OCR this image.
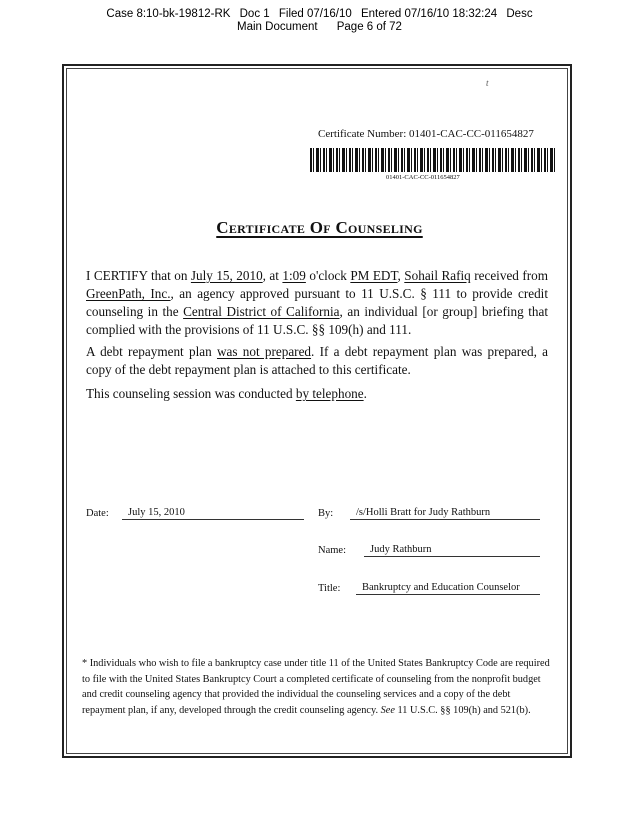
Case 8:10-bk-19812-RK Doc 1 Filed 07/16/10 Entered 07/16/10 18:32:24 Desc
Main Document Page 6 of 72
t
Certificate Number: 01401-CAC-CC-011654827
01401-CAC-CC-011654827
Certificate Of Counseling
I CERTIFY that on July 15, 2010, at 1:09 o'clock PM EDT, Sohail Rafiq received from GreenPath, Inc., an agency approved pursuant to 11 U.S.C. § 111 to provide credit counseling in the Central District of California, an individual [or group] briefing that complied with the provisions of 11 U.S.C. §§ 109(h) and 111.
A debt repayment plan was not prepared. If a debt repayment plan was prepared, a copy of the debt repayment plan is attached to this certificate.
This counseling session was conducted by telephone.
Date:	July 15, 2010	By:	/s/Holli Bratt for Judy Rathburn
Name:	Judy Rathburn
Title:	Bankruptcy and Education Counselor
* Individuals who wish to file a bankruptcy case under title 11 of the United States Bankruptcy Code are required to file with the United States Bankruptcy Court a completed certificate of counseling from the nonprofit budget and credit counseling agency that provided the individual the counseling services and a copy of the debt repayment plan, if any, developed through the credit counseling agency. See 11 U.S.C. §§ 109(h) and 521(b).
